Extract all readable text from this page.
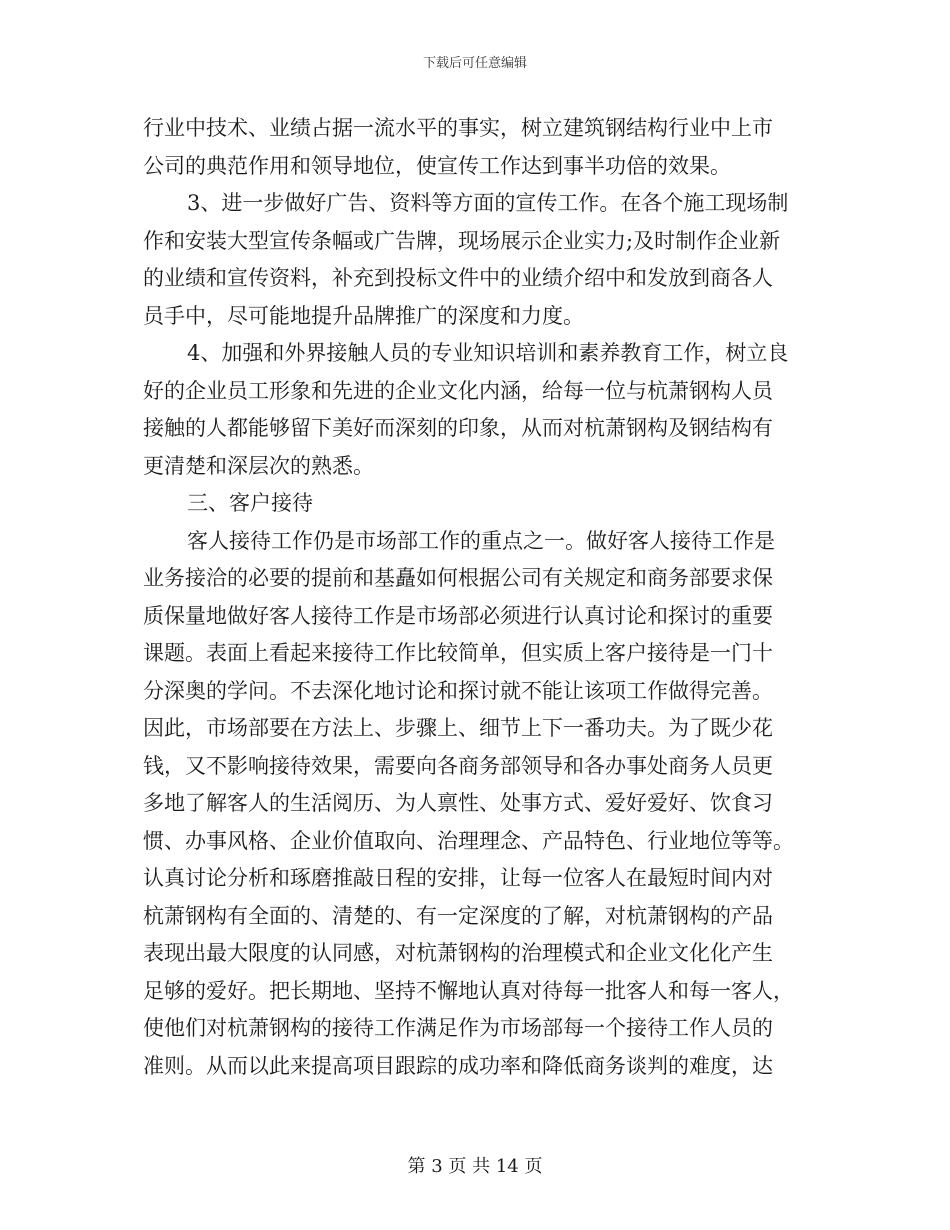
下载后可任意编辑
行业中技术、业绩占据一流水平的事实，树立建筑钢结构行业中上市
公司的典范作用和领导地位，使宣传工作达到事半功倍的效果。
3、进一步做好广告、资料等方面的宣传工作。在各个施工现场制
作和安装大型宣传条幅或广告牌，现场展示企业实力;及时制作企业新
的业绩和宣传资料，补充到投标文件中的业绩介绍中和发放到商各人
员手中，尽可能地提升品牌推广的深度和力度。
4、加强和外界接触人员的专业知识培训和素养教育工作，树立良
好的企业员工形象和先进的企业文化内涵，给每一位与杭萧钢构人员
接触的人都能够留下美好而深刻的印象，从而对杭萧钢构及钢结构有
更清楚和深层次的熟悉。
三、客户接待
客人接待工作仍是市场部工作的重点之一。做好客人接待工作是
业务接洽的必要的提前和基矗如何根据公司有关规定和商务部要求保
质保量地做好客人接待工作是市场部必须进行认真讨论和探讨的重要
课题。表面上看起来接待工作比较简单，但实质上客户接待是一门十
分深奥的学问。不去深化地讨论和探讨就不能让该项工作做得完善。
因此，市场部要在方法上、步骤上、细节上下一番功夫。为了既少花
钱，又不影响接待效果，需要向各商务部领导和各办事处商务人员更
多地了解客人的生活阅历、为人禀性、处事方式、爱好爱好、饮食习
惯、办事风格、企业价值取向、治理理念、产品特色、行业地位等等。
认真讨论分析和琢磨推敲日程的安排，让每一位客人在最短时间内对
杭萧钢构有全面的、清楚的、有一定深度的了解，对杭萧钢构的产品
表现出最大限度的认同感，对杭萧钢构的治理模式和企业文化化产生
足够的爱好。把长期地、坚持不懈地认真对待每一批客人和每一客人，
使他们对杭萧钢构的接待工作满足作为市场部每一个接待工作人员的
准则。从而以此来提高项目跟踪的成功率和降低商务谈判的难度，达
第 3 页 共 14 页
